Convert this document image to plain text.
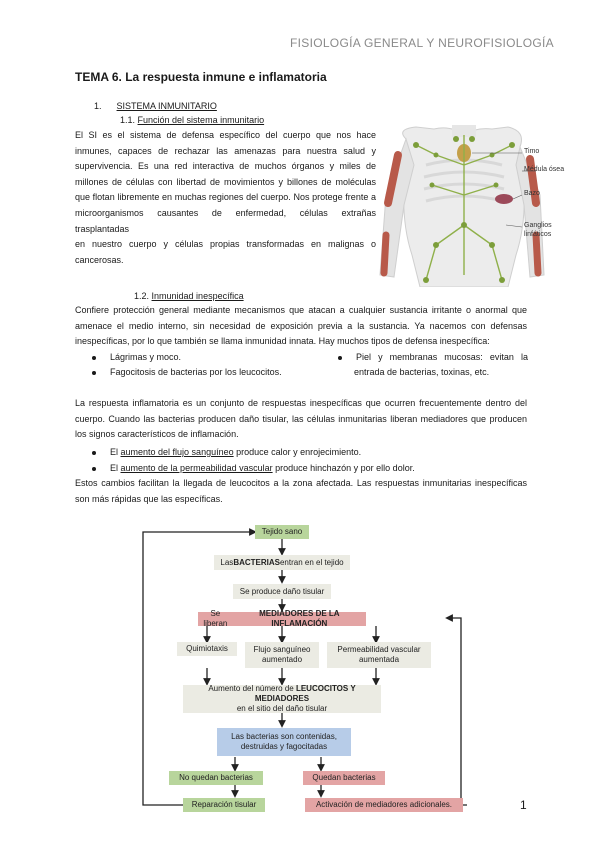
FISIOLOGÍA GENERAL Y NEUROFISIOLOGÍA
TEMA 6. La respuesta inmune e inflamatoria
1. SISTEMA INMUNITARIO
1.1. Función del sistema inmunitario
El SI es el sistema de defensa específico del cuerpo que nos hace
inmunes, capaces de rechazar las amenazas para nuestra salud y
supervivencia. Es una red interactiva de muchos órganos y miles de
millones de células con libertad de movimientos y billones de moléculas
que flotan libremente en muchas regiones del cuerpo. Nos protege frente a
microorganismos causantes de enfermedad, células extrañas trasplantadas
en nuestro cuerpo y células propias transformadas en malignas o
cancerosas.
Timo
Médula ósea
Bazo
Ganglios
linfáticos
1.2. Inmunidad inespecífica
Confiere protección general mediante mecanismos que atacan a cualquier sustancia irritante o anormal que
amenace el medio interno, sin necesidad de exposición previa a la sustancia. Ya nacemos con defensas
inespecíficas, por lo que también se llama inmunidad innata. Hay muchos tipos de defensa inespecífica:
Lágrimas y moco.
Fagocitosis de bacterias por los leucocitos.
Piel y membranas mucosas: evitan la
entrada de bacterias, toxinas, etc.
La respuesta inflamatoria es un conjunto de respuestas inespecíficas que ocurren frecuentemente dentro del
cuerpo. Cuando las bacterias producen daño tisular, las células inmunitarias liberan mediadores que producen
los signos característicos de inflamación.
El aumento del flujo sanguíneo produce calor y enrojecimiento.
El aumento de la permeabilidad vascular produce hinchazón y por ello dolor.
Estos cambios facilitan la llegada de leucocitos a la zona afectada. Las respuestas inmunitarias inespecíficas
son más rápidas que las específicas.
Tejido sano
Las BACTERIAS entran en el tejido
Se produce daño tisular
Se liberan
MEDIADORES DE LA INFLAMACIÓN
Quimiotaxis	Flujo sanguíneo
aumentado
Permeabilidad vascular
aumentada
Aumento del número de LEUCOCITOS Y MEDIADORES
en el sitio del daño tisular
Las bacterias son contenidas,
destruidas y fagocitadas
No quedan bacterias	Quedan bacterias
Reparación tisular	Activación de mediadores adicionales.	1
